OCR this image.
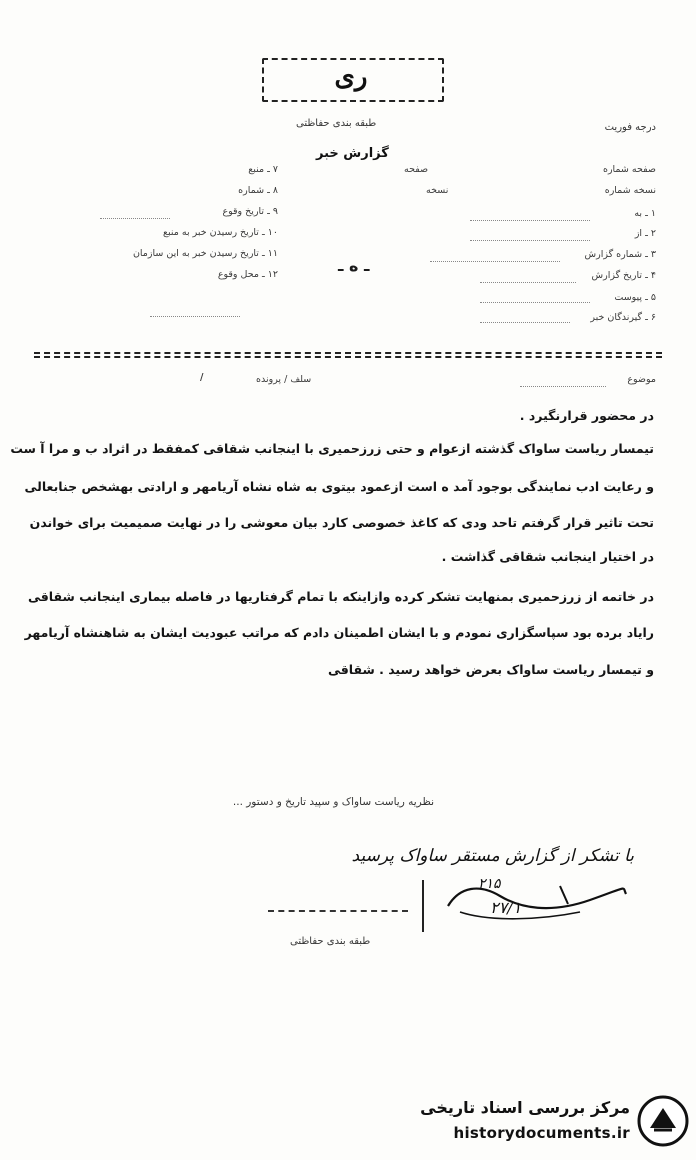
ری
درجه فوریت
طبقه بندی حفاظتی
گزارش خبر
صفحه شماره
نسخه شماره
۱ ـ به
۲ ـ از
۳ ـ شماره گزارش
۴ ـ تاریخ گزارش
۵ ـ پیوست
۶ ـ گیرندگان خبر
صفحه
نسخه
۷ ـ منبع
۸ ـ شماره
۹ ـ تاریخ وقوع
۱۰ ـ تاریخ رسیدن خبر به منبع
۱۱ ـ تاریخ رسیدن خبر به این سازمان
۱۲ ـ محل وقوع	ـ ه ـ
موضوع
سلف / پرونده
/
در محضور قرارنگیرد .
تیمسار ریاست ساواک گذشته ازعوام و حتی زرزحمیری با اینجانب شقاقی کمفقط در اثراد ب و مرا آ ست
و رعایت ادب نمایندگی بوجود آمد ه است ازعمود بیتوی به شاه نشاه آریامهر و ارادتی بهشخص جنابعالی
تحت تاثیر قرار گرفتم تاحد ودی که کاغذ خصوصی کارد بیان معوشی را در نهایت صمیمیت برای خواندن
در اختیار اینجانب شقاقی گذاشت .
در خاتمه از زرزحمیری بمنهایت تشکر کرده وازاینکه با تمام گرفتاریها در فاصله بیماری اینجانب شقاقی
رایاد برده بود سپاسگزاری نمودم و با ایشان اطمینان دادم که مراتب عبودیت ایشان به شاهنشاه آریامهر
و تیمسار ریاست ساواک بعرض خواهد رسید . شقاقی
نظریه ریاست ساواک و سپید تاریخ و دستور ...
با تشکر از گزارش مستقر ساواک پرسید
۲۱۵
۲۷/۱
طبقه بندی حفاظتی
مرکز بررسی اسناد تاریخی
historydocuments.ir
